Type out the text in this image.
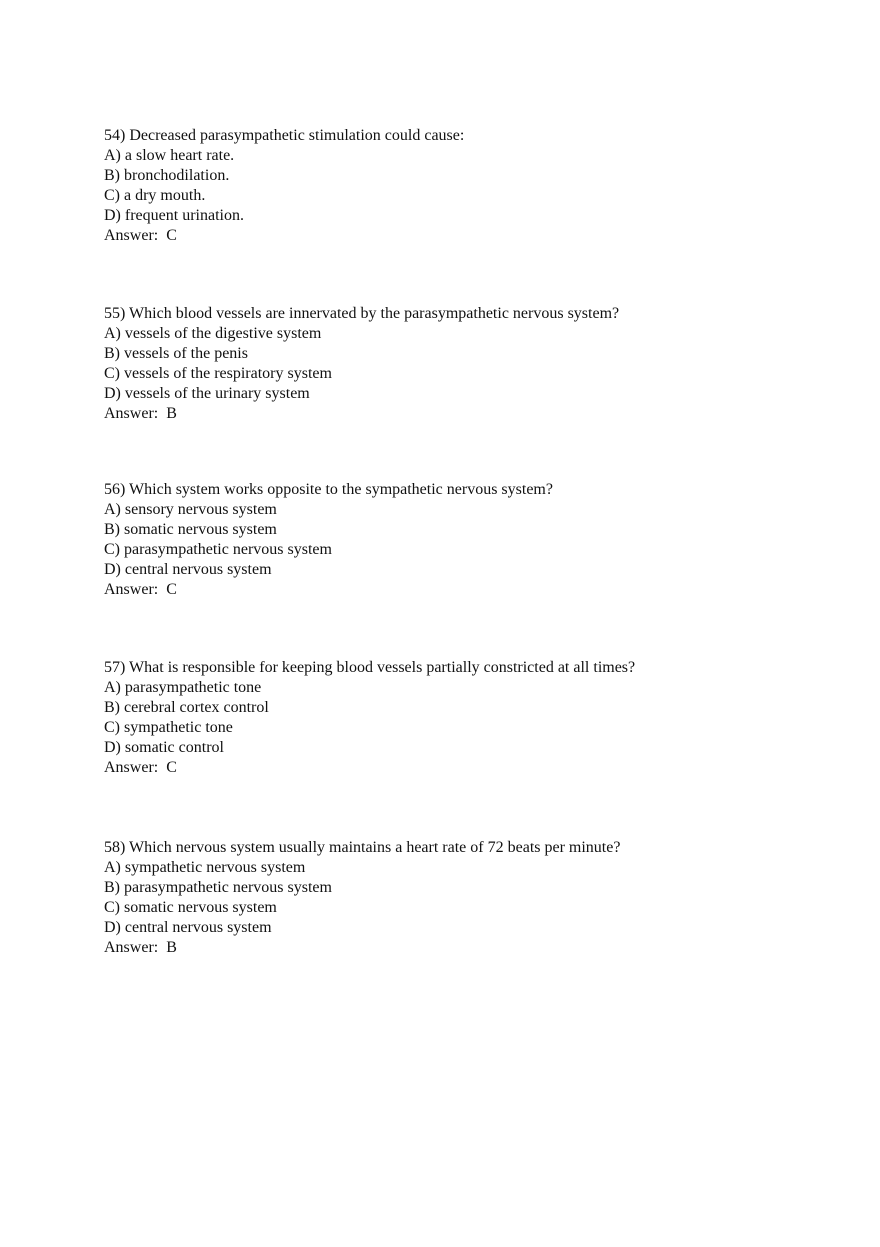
54) Decreased parasympathetic stimulation could cause:
A) a slow heart rate.
B) bronchodilation.
C) a dry mouth.
D) frequent urination.
Answer: C
55) Which blood vessels are innervated by the parasympathetic nervous system?
A) vessels of the digestive system
B) vessels of the penis
C) vessels of the respiratory system
D) vessels of the urinary system
Answer: B
56) Which system works opposite to the sympathetic nervous system?
A) sensory nervous system
B) somatic nervous system
C) parasympathetic nervous system
D) central nervous system
Answer: C
57) What is responsible for keeping blood vessels partially constricted at all times?
A) parasympathetic tone
B) cerebral cortex control
C) sympathetic tone
D) somatic control
Answer: C
58) Which nervous system usually maintains a heart rate of 72 beats per minute?
A) sympathetic nervous system
B) parasympathetic nervous system
C) somatic nervous system
D) central nervous system
Answer: B
